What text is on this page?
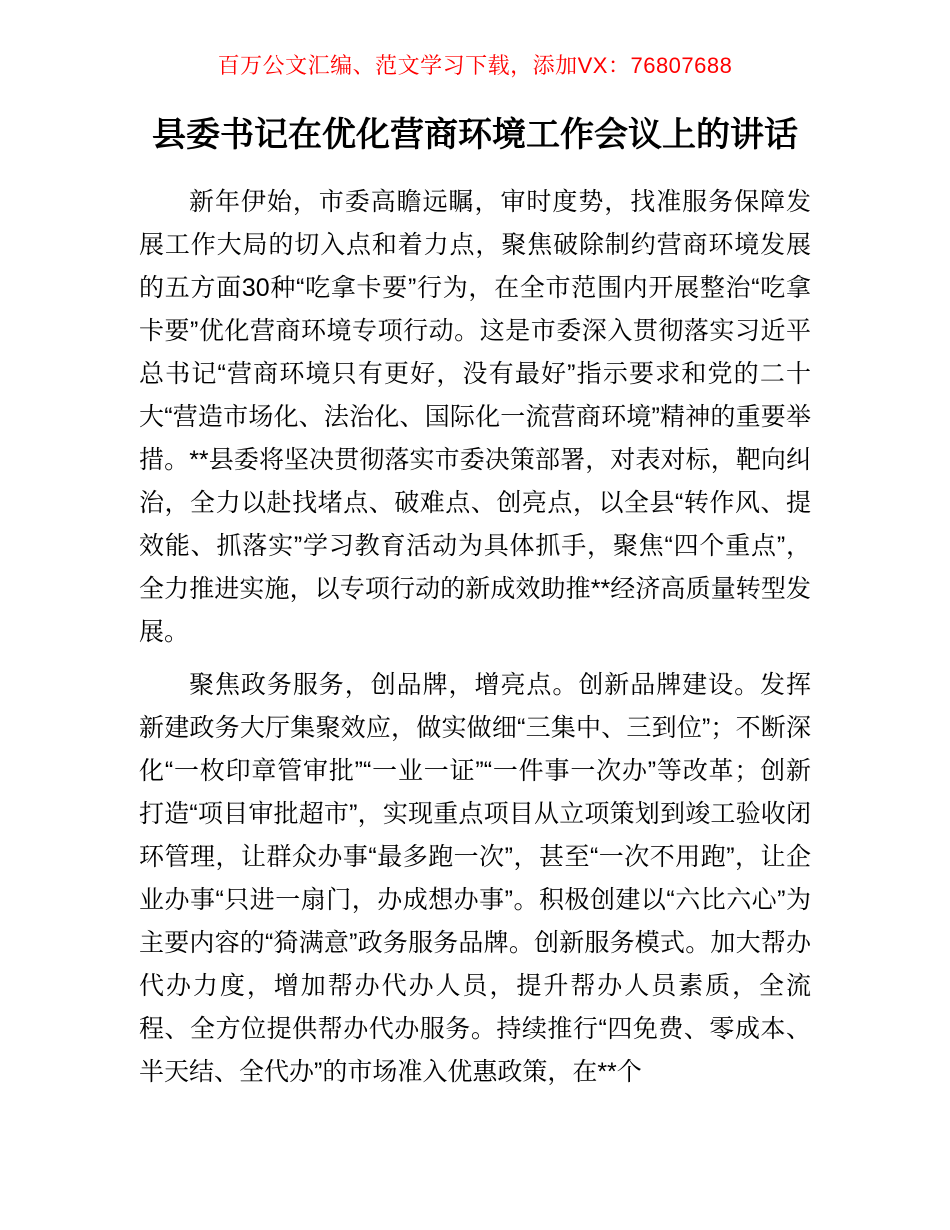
百万公文汇编、范文学习下载，添加VX：76807688
县委书记在优化营商环境工作会议上的讲话

新年伊始，市委高瞻远瞩，审时度势，找准服务保障发展工作大局的切入点和着力点，聚焦破除制约营商环境发展的五方面30种“吃拿卡要”行为，在全市范围内开展整治“吃拿卡要”优化营商环境专项行动。这是市委深入贯彻落实习近平总书记“营商环境只有更好，没有最好”指示要求和党的二十大“营造市场化、法治化、国际化一流营商环境”精神的重要举措。**县委将坚决贯彻落实市委决策部署，对表对标，靶向纠治，全力以赴找堵点、破难点、创亮点，以全县“转作风、提效能、抓落实”学习教育活动为具体抓手，聚焦“四个重点”，全力推进实施，以专项行动的新成效助推**经济高质量转型发展。

聚焦政务服务，创品牌，增亮点。创新品牌建设。发挥新建政务大厅集聚效应，做实做细“三集中、三到位”；不断深化“一枚印章管审批”“一业一证”“一件事一次办”等改革；创新打造“项目审批超市”，实现重点项目从立项策划到竣工验收闭环管理，让群众办事“最多跑一次”，甚至“一次不用跑”，让企业办事“只进一扇门，办成想办事”。积极创建以“六比六心”为主要内容的“猗满意”政务服务品牌。创新服务模式。加大帮办代办力度，增加帮办代办人员，提升帮办人员素质，全流程、全方位提供帮办代办服务。持续推行“四免费、零成本、半天结、全代办”的市场准入优惠政策，在**个
